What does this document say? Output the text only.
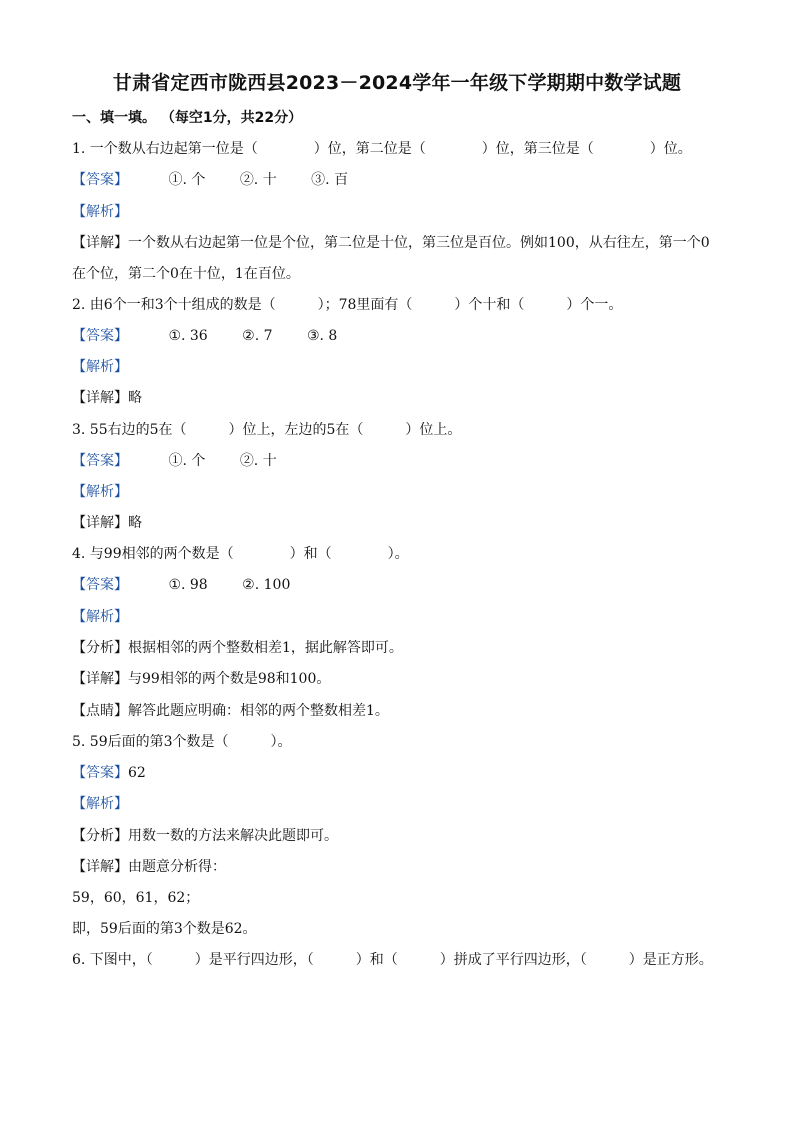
甘肃省定西市陇西县2023－2024学年一年级下学期期中数学试题
一、填一填。 （每空1分，共22分）
1. 一个数从右边起第一位是（　　　　）位，第二位是（　　　　）位，第三位是（　　　　）位。
【答案】	①. 个 ②. 十 ③. 百
【解析】
【详解】一个数从右边起第一位是个位，第二位是十位，第三位是百位。例如100，从右往左，第一个0
在个位，第二个0在十位，1在百位。
2. 由6个一和3个十组成的数是（　　　）；78里面有（　　　）个十和（　　　）个一。
【答案】	①. 36 ②. 7 ③. 8
【解析】
【详解】略
3. 55右边的5在（　　　）位上，左边的5在（　　　）位上。
【答案】	①. 个 ②. 十
【解析】
【详解】略
4. 与99相邻的两个数是（　　　　）和（　　　　）。
【答案】	①. 98 ②. 100
【解析】
【分析】根据相邻的两个整数相差1，据此解答即可。
【详解】与99相邻的两个数是98和100。
【点睛】解答此题应明确：相邻的两个整数相差1。
5. 59后面的第3个数是（　　　）。
【答案】62
【解析】
【分析】用数一数的方法来解决此题即可。
【详解】由题意分析得：
59，60，61，62；
即，59后面的第3个数是62。
6. 下图中，（　　　）是平行四边形，（　　　）和（　　　）拼成了平行四边形，（　　　）是正方形。
